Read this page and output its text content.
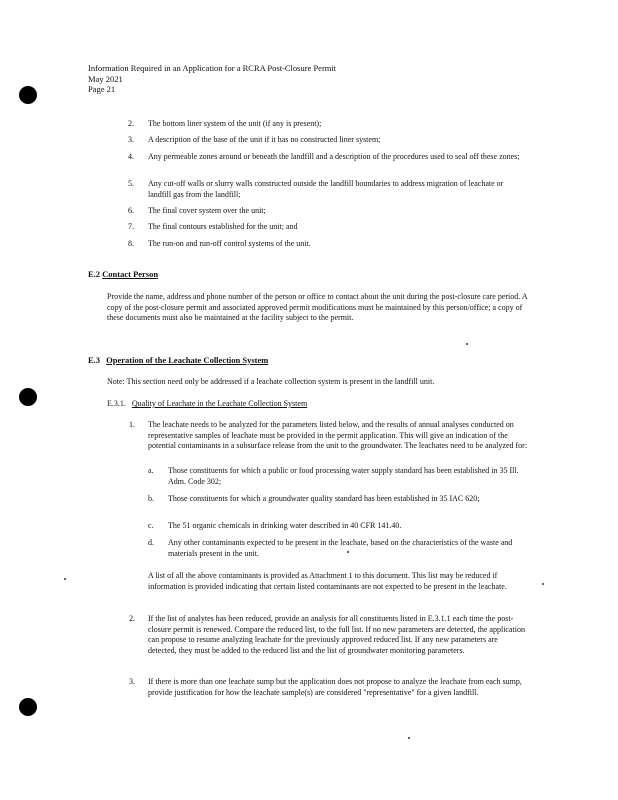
Information Required in an Application for a RCRA Post-Closure Permit
May 2021
Page 21
2. The bottom liner system of the unit (if any is present);
3. A description of the base of the unit if it has no constructed liner system;
4. Any permeable zones around or beneath the landfill and a description of the procedures used to seal off these zones;
5. Any cut-off walls or slurry walls constructed outside the landfill boundaries to address migration of leachate or landfill gas from the landfill;
6. The final cover system over the unit;
7. The final contours established for the unit; and
8. The run-on and run-off control systems of the unit.
E.2 Contact Person
Provide the name, address and phone number of the person or office to contact about the unit during the post-closure care period. A copy of the post-closure permit and associated approved permit modifications must be maintained by this person/office; a copy of these documents must also be maintained at the facility subject to the permit.
E.3 Operation of the Leachate Collection System
Note: This section need only be addressed if a leachate collection system is present in the landfill unit.
E.3.1. Quality of Leachate in the Leachate Collection System
1. The leachate needs to be analyzed for the parameters listed below, and the results of annual analyses conducted on representative samples of leachate must be provided in the permit application. This will give an indication of the potential contaminants in a subsurface release from the unit to the groundwater. The leachates need to be analyzed for:
a. Those constituents for which a public or food processing water supply standard has been established in 35 Ill. Adm. Code 302;
b. Those constituents for which a groundwater quality standard has been established in 35 IAC 620;
c. The 51 organic chemicals in drinking water described in 40 CFR 141.40.
d. Any other contaminants expected to be present in the leachate, based on the characteristics of the waste and materials present in the unit.
A list of all the above contaminants is provided as Attachment 1 to this document. This list may be reduced if information is provided indicating that certain listed contaminants are not expected to be present in the leachate.
2. If the list of analytes has been reduced, provide an analysis for all constituents listed in E.3.1.1 each time the post-closure permit is renewed. Compare the reduced list, to the full list. If no new parameters are detected, the application can propose to resume analyzing leachate for the previously approved reduced list. If any new parameters are detected, they must be added to the reduced list and the list of groundwater monitoring parameters.
3. If there is more than one leachate sump but the application does not propose to analyze the leachate from each sump, provide justification for how the leachate sample(s) are considered "representative" for a given landfill.
